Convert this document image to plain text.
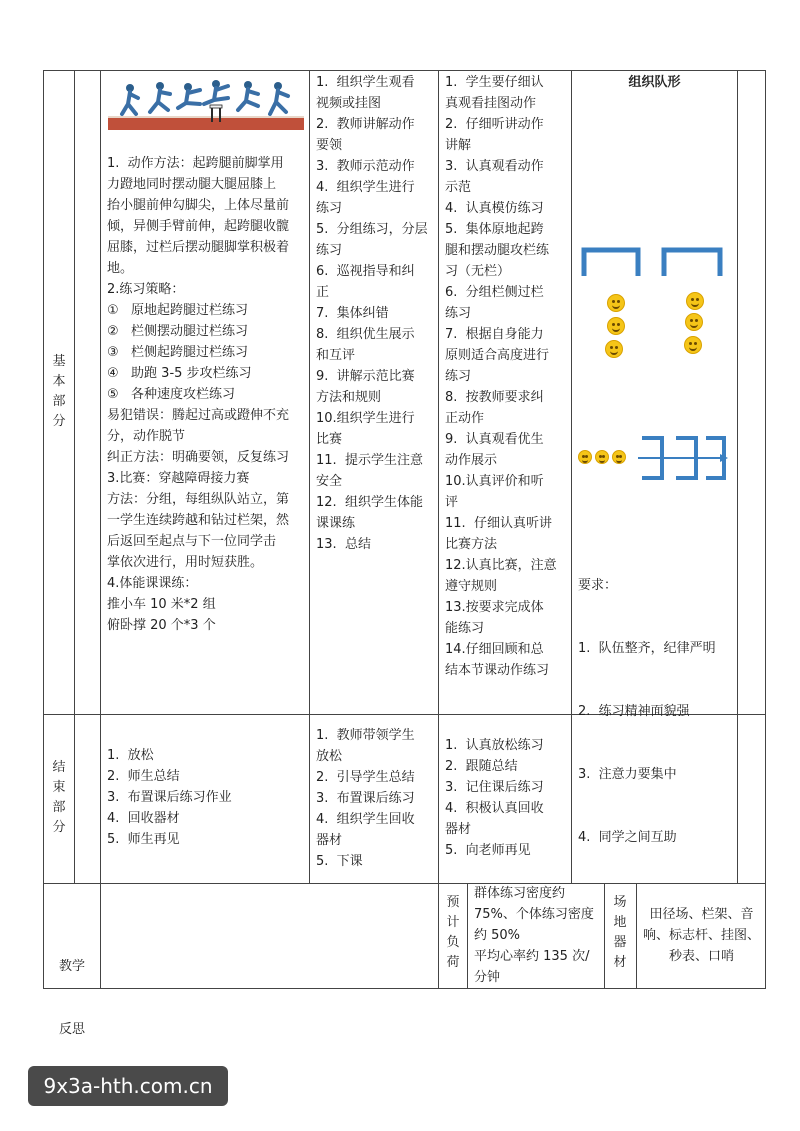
基
本
部
分
结
束
部
分

教学

反思

1.  动作方法：起跨腿前脚掌用
力蹬地同时摆动腿大腿屈膝上
抬小腿前伸勾脚尖，上体尽量前
倾，异侧手臂前伸，起跨腿收髋
屈膝，过栏后摆动腿脚掌积极着
地。
2.练习策略：
①   原地起跨腿过栏练习
②   栏侧摆动腿过栏练习
③   栏侧起跨腿过栏练习
④   助跑 3-5 步攻栏练习
⑤   各种速度攻栏练习
易犯错误：腾起过高或蹬伸不充
分，动作脱节
纠正方法：明确要领，反复练习
3.比赛：穿越障碍接力赛
方法：分组，每组纵队站立，第
一学生连续跨越和钻过栏架，然
后返回至起点与下一位同学击
掌依次进行，用时短获胜。
4.体能课课练：
推小车 10 米*2 组
俯卧撑 20 个*3 个
1.  组织学生观看
视频或挂图
2.  教师讲解动作
要领
3.  教师示范动作
4.  组织学生进行
练习
5.  分组练习，分层
练习
6.  巡视指导和纠
正
7.  集体纠错
8.  组织优生展示
和互评
9.  讲解示范比赛
方法和规则
10.组织学生进行
比赛
11.  提示学生注意
安全
12.  组织学生体能
课课练
13.  总结
1.  学生要仔细认
真观看挂图动作
2.  仔细听讲动作
讲解
3.  认真观看动作
示范
4.  认真模仿练习
5.  集体原地起跨
腿和摆动腿攻栏练
习（无栏）
6.  分组栏侧过栏
练习
7.  根据自身能力
原则适合高度进行
练习
8.  按教师要求纠
正动作
9.  认真观看优生
动作展示
10.认真评价和听
评
11.  仔细认真听讲
比赛方法
12.认真比赛，注意
遵守规则
13.按要求完成体
能练习
14.仔细回顾和总
结本节课动作练习
组织队形

要求：

1.  队伍整齐，纪律严明

2.  练习精神面貌强

3.  注意力要集中

4.  同学之间互助

1.  放松
2.  师生总结
3.  布置课后练习作业
4.  回收器材
5.  师生再见
1.  教师带领学生
放松
2.  引导学生总结
3.  布置课后练习
4.  组织学生回收
器材
5.  下课
1.  认真放松练习
2.  跟随总结
3.  记住课后练习
4.  积极认真回收
器材
5.  向老师再见
预
计
负
荷
群体练习密度约
75%、个体练习密度
约 50%
平均心率约 135 次/
分钟
场
地
器
材
田径场、栏架、音
响、标志杆、挂图、
秒表、口哨
9x3a-hth.com.cn
